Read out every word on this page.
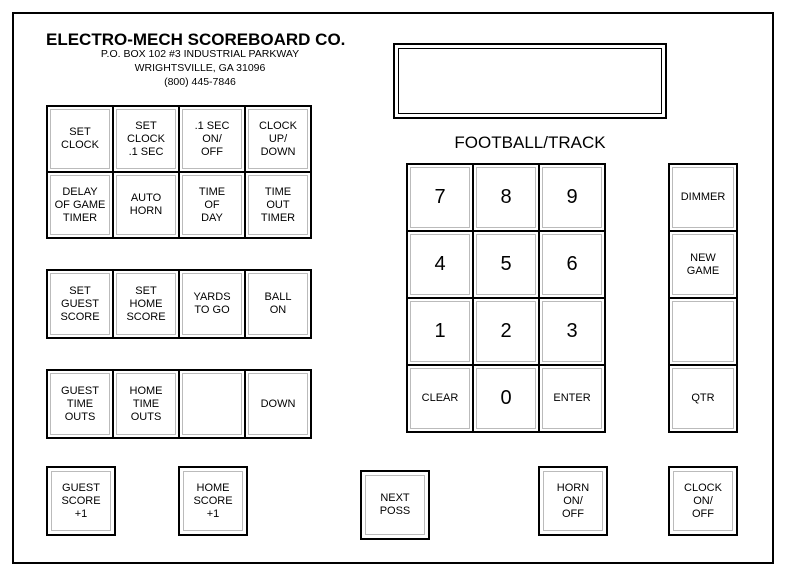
ELECTRO-MECH SCOREBOARD CO.
P.O. BOX 102 #3 INDUSTRIAL PARKWAY
WRIGHTSVILLE, GA 31096
(800) 445-7846
FOOTBALL/TRACK
SET
CLOCK
SET
CLOCK
.1 SEC
.1 SEC
ON/
OFF
CLOCK
UP/
DOWN
DELAY
OF GAME
TIMER
AUTO
HORN
TIME
OF
DAY
TIME
OUT
TIMER
SET
GUEST
SCORE
SET
HOME
SCORE
YARDS
TO GO
BALL
ON
GUEST
TIME
OUTS
HOME
TIME
OUTS
DOWN
7	8	9
4	5	6
1	2	3
CLEAR	0	ENTER
DIMMER
NEW
GAME
QTR
GUEST
SCORE
+1
HOME
SCORE
+1
NEXT
POSS
HORN
ON/
OFF
CLOCK
ON/
OFF
